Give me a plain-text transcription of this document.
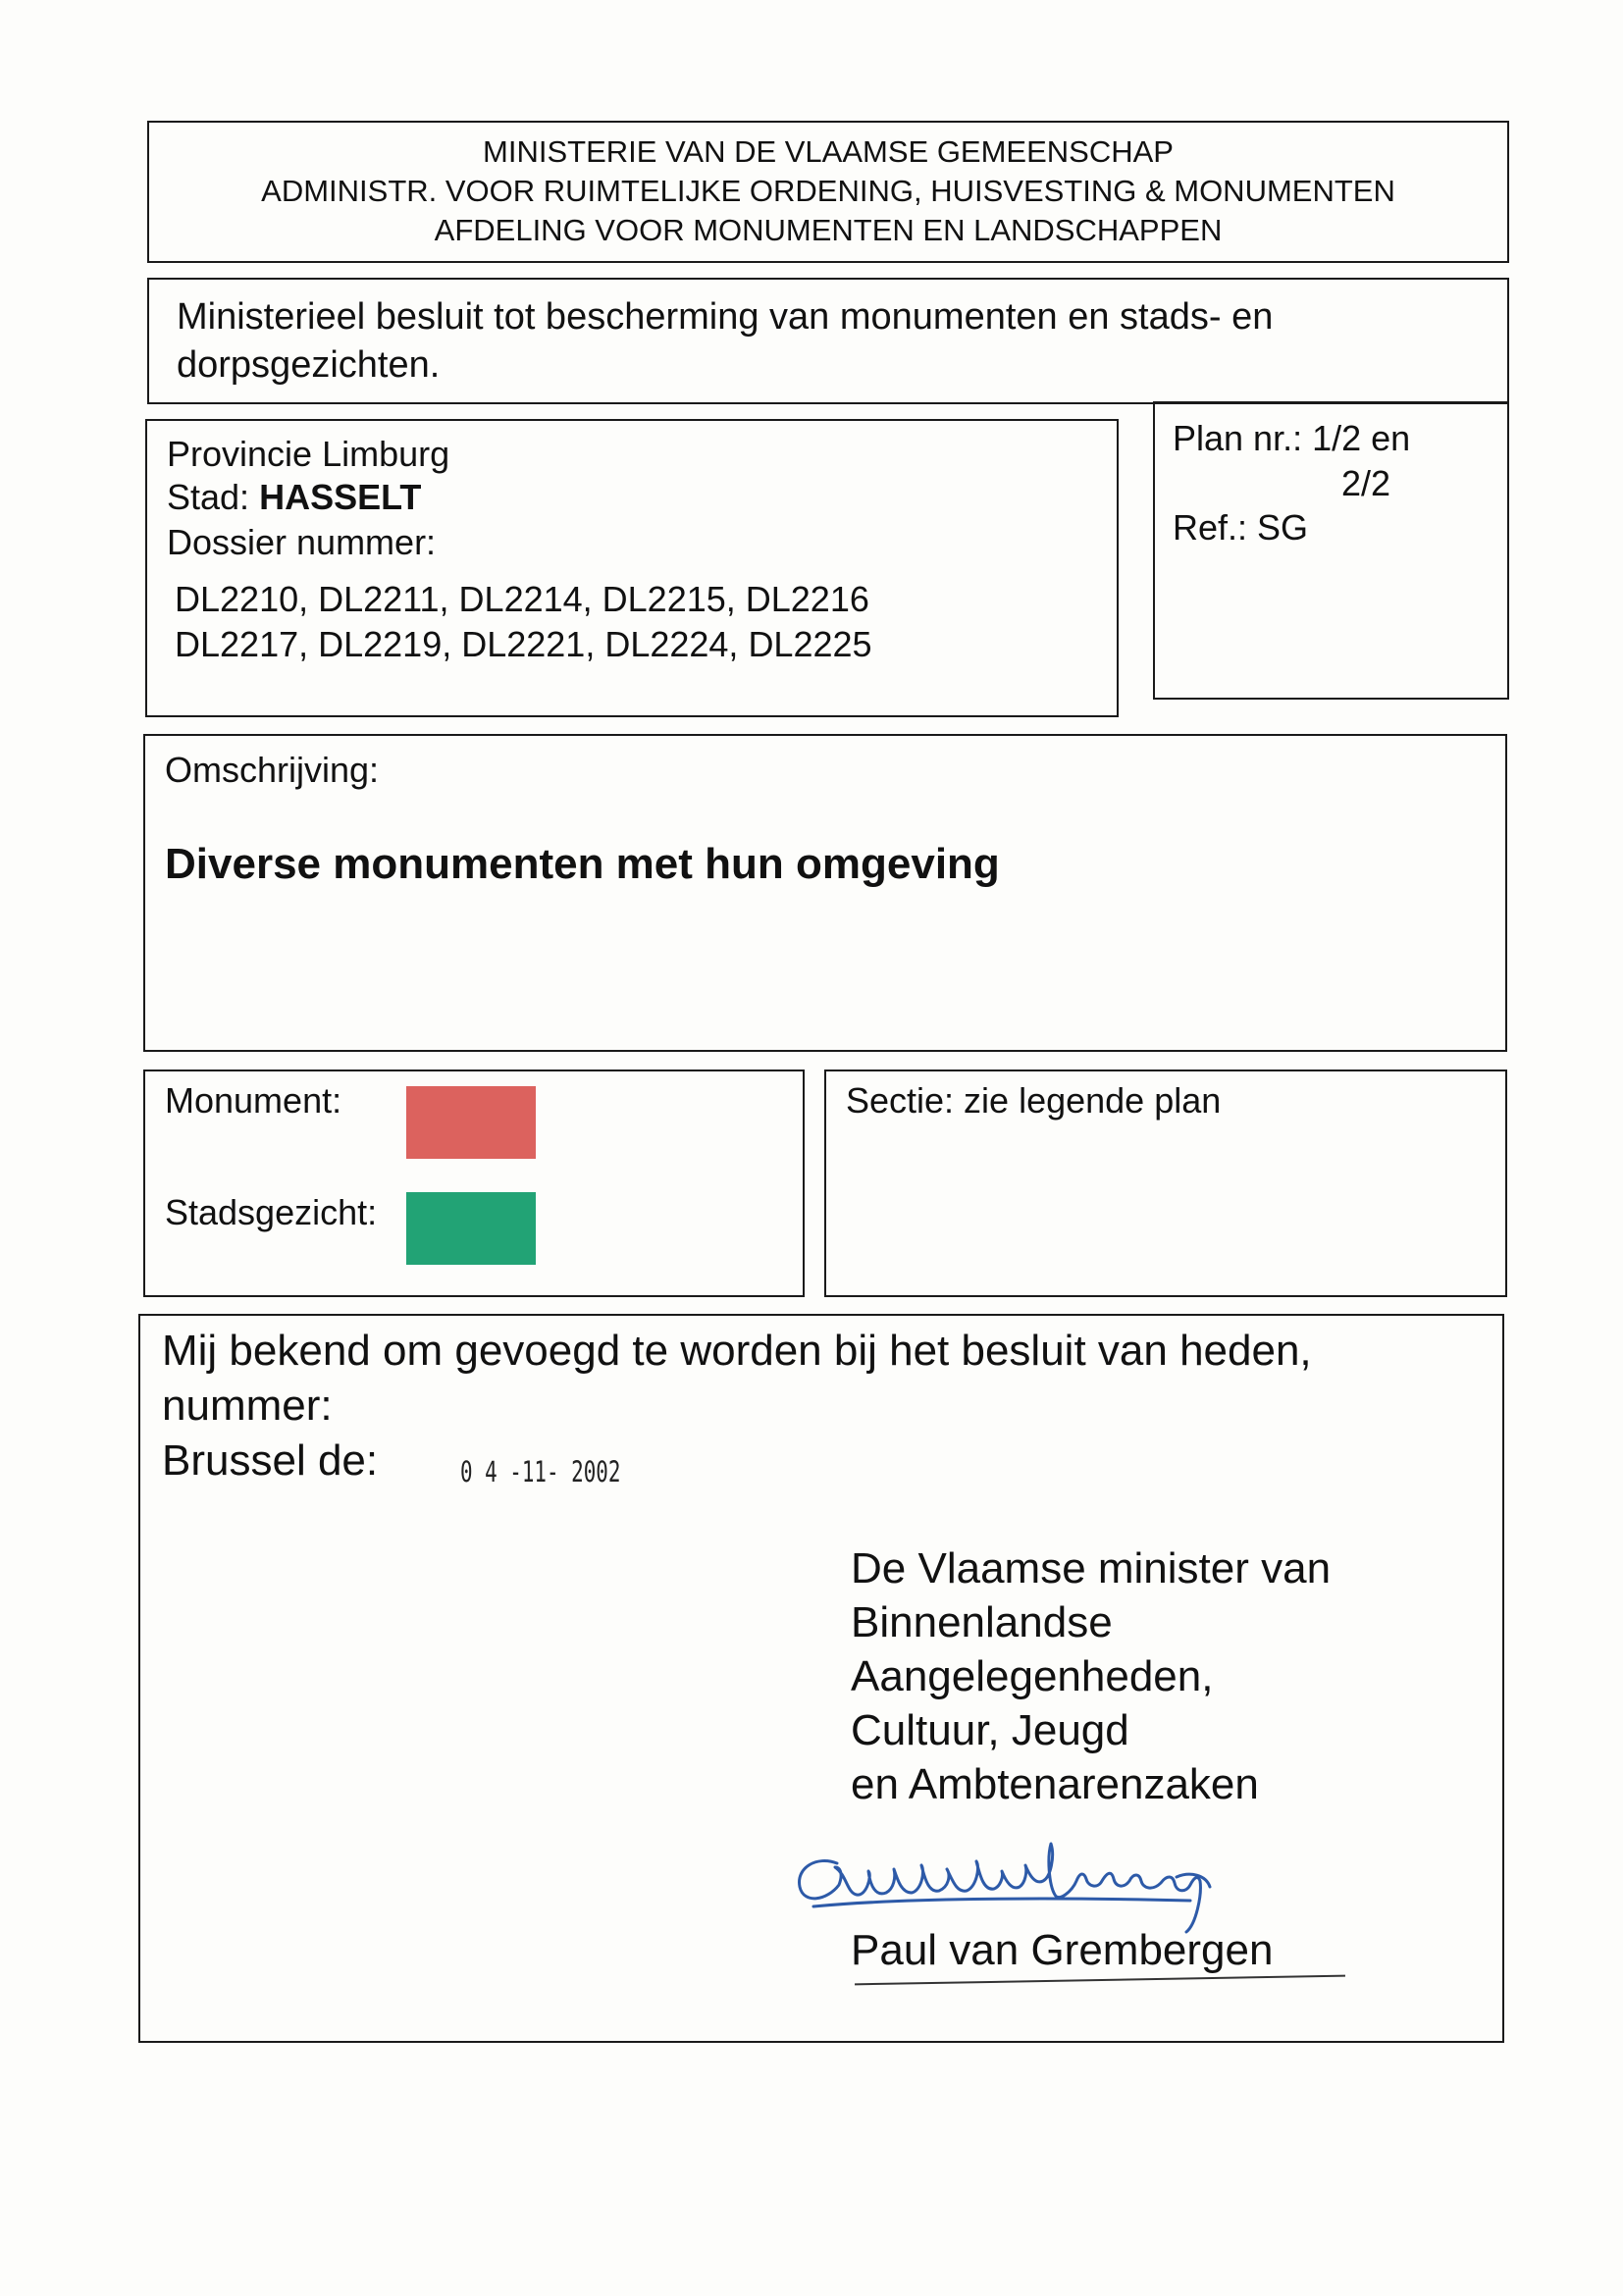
MINISTERIE VAN DE VLAAMSE GEMEENSCHAP
ADMINISTR. VOOR RUIMTELIJKE ORDENING, HUISVESTING & MONUMENTEN
AFDELING VOOR MONUMENTEN EN LANDSCHAPPEN
Ministerieel besluit tot bescherming van monumenten en stads- en dorpsgezichten.
Provincie Limburg
Stad: HASSELT
Dossier nummer:
DL2210, DL2211, DL2214, DL2215, DL2216
DL2217, DL2219, DL2221, DL2224, DL2225
Plan nr.: 1/2 en
2/2
Ref.: SG
Omschrijving:
Diverse monumenten met hun omgeving
Monument:
Stadsgezicht:
Sectie: zie legende plan
Mij bekend om gevoegd te worden bij het besluit van heden,
nummer:
Brussel de:	0 4 -11- 2002
De Vlaamse minister van
Binnenlandse
Aangelegenheden,
Cultuur, Jeugd
en Ambtenarenzaken
Paul van Grembergen
